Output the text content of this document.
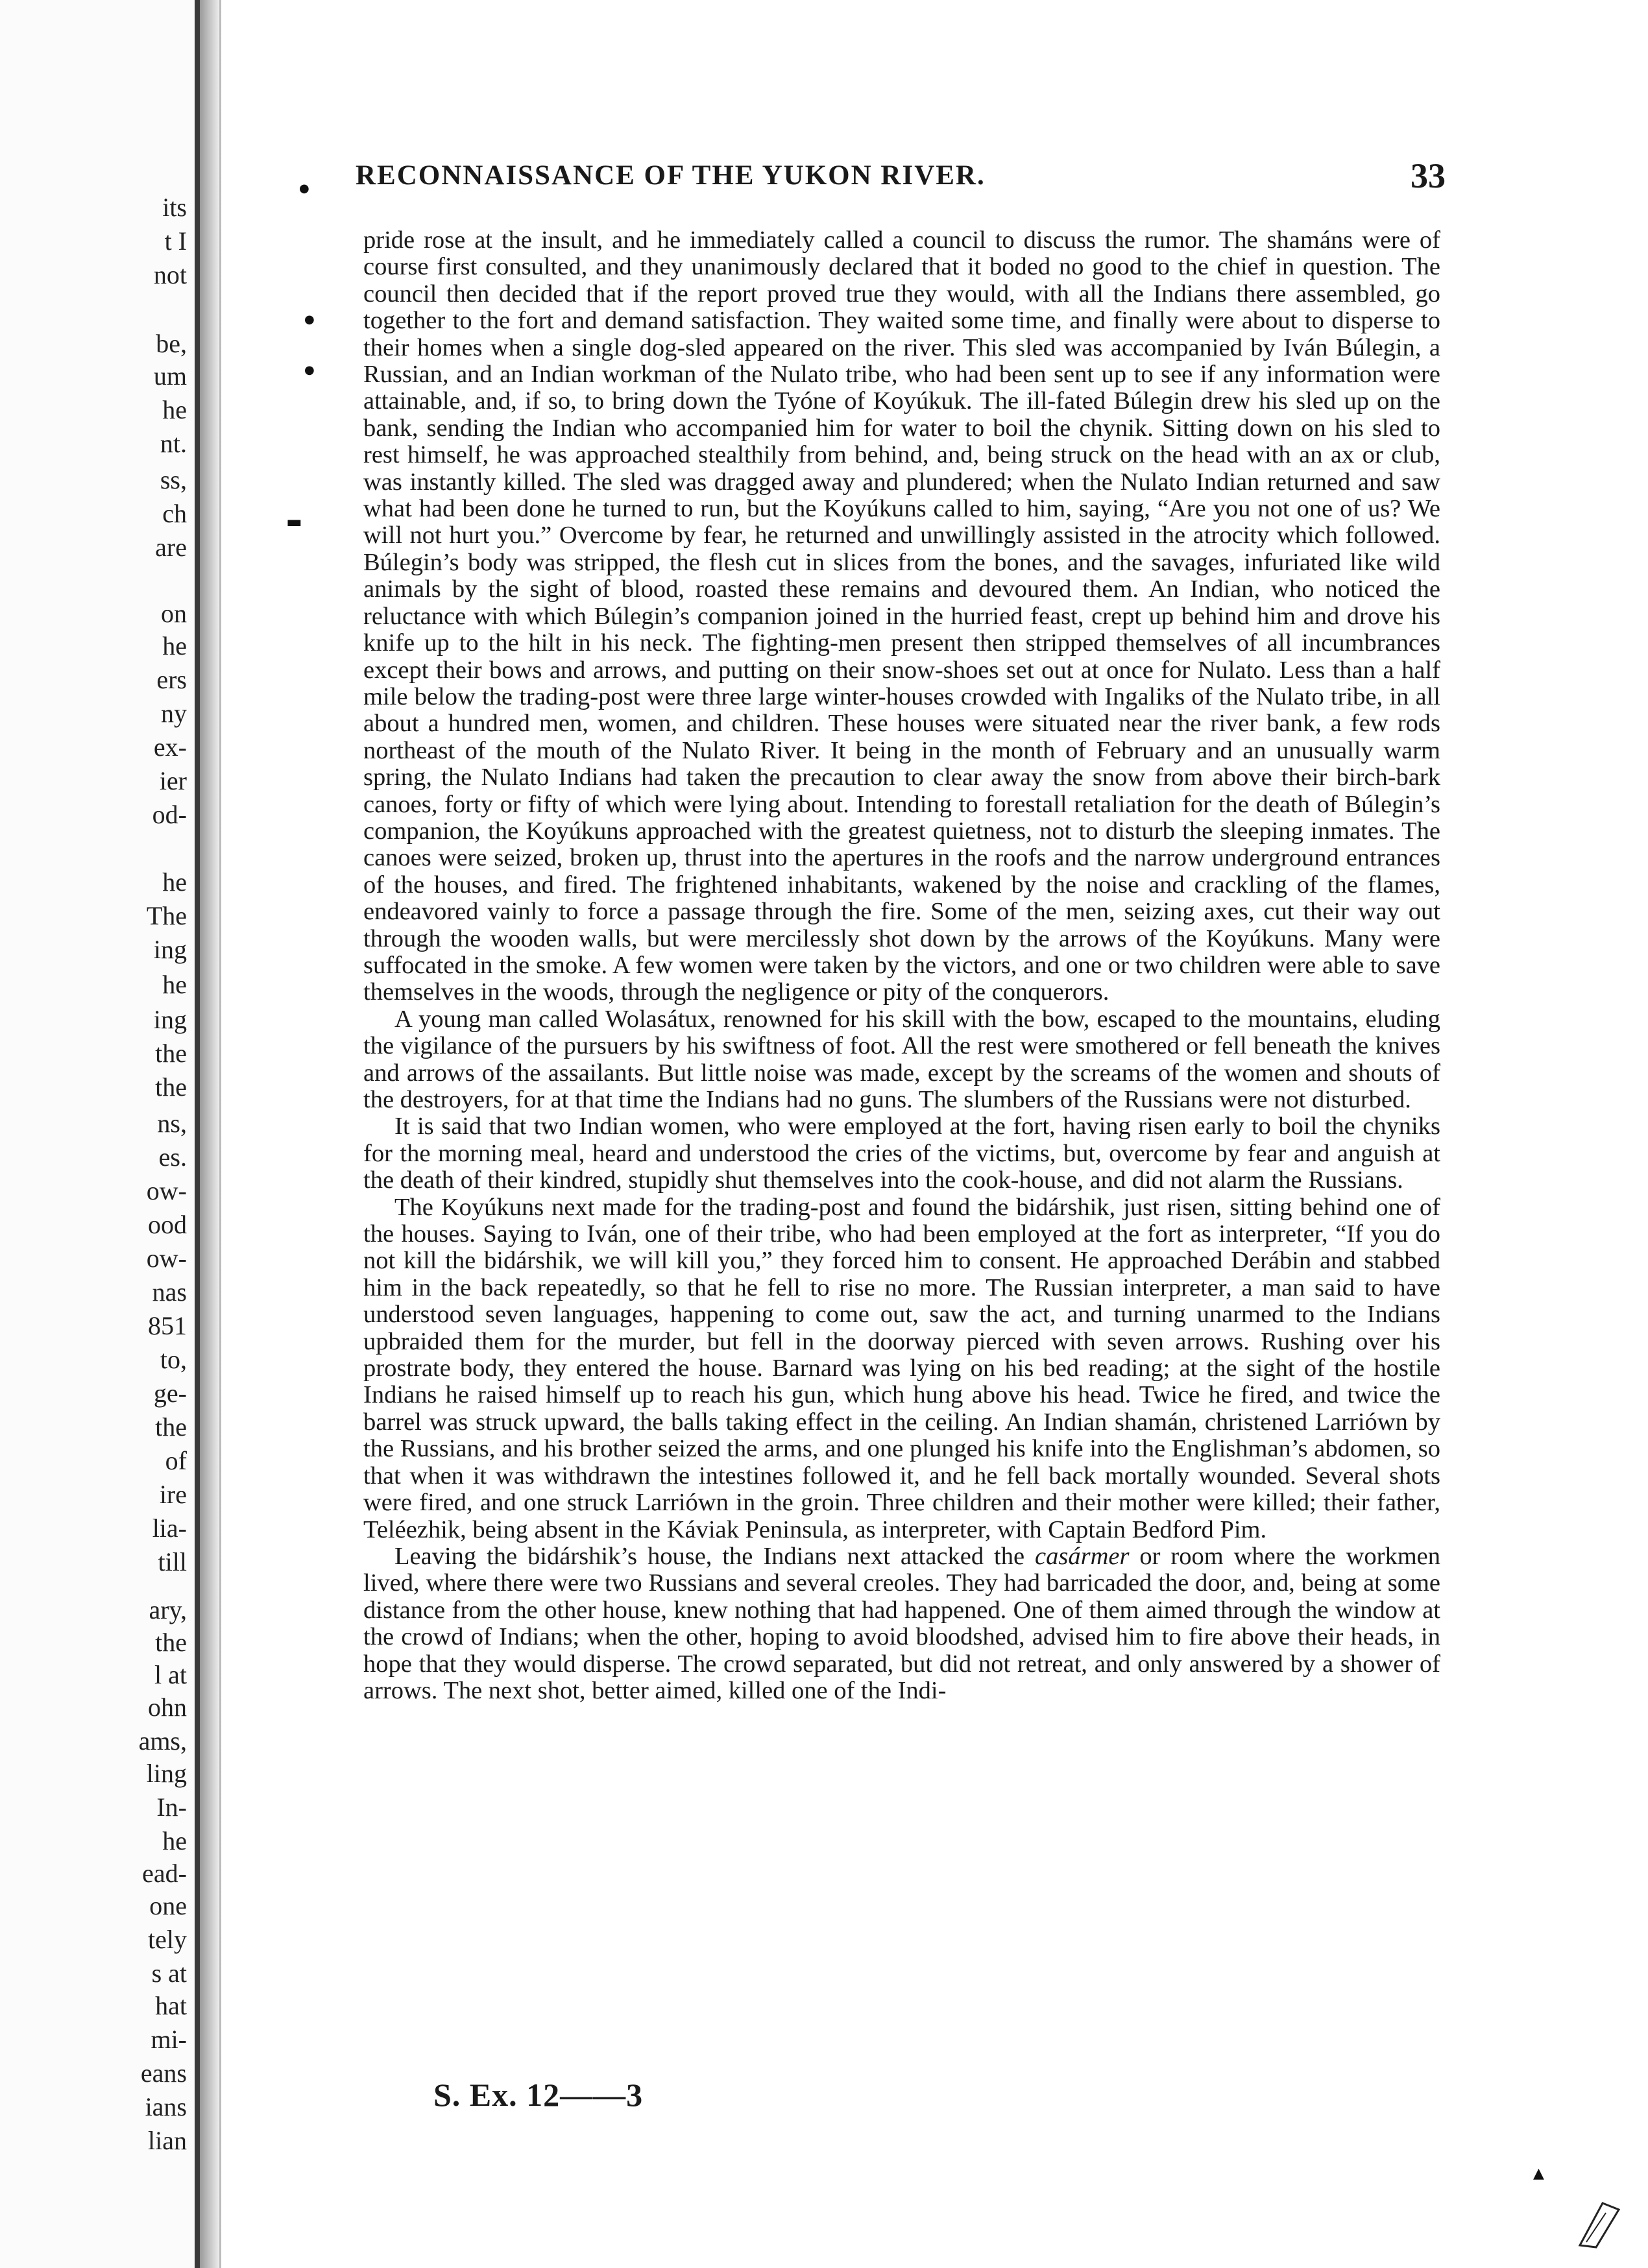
its
t I
not
be,
um
he
nt.
ss,
ch
are
on
he
ers
ny
ex-
ier
od-
he
The
ing
he
ing
the
the
ns,
es.
ow-
ood
ow-
nas
851
to,
ge-
the
of
ire
lia-
till
ary,
the
l at
ohn
ams,
ling
In-
he
ead-
one
tely
s at
hat
mi-
eans
ians
lian
●
●
●
▬
▲
RECONNAISSANCE OF THE YUKON RIVER.	33

pride rose at the insult, and he immediately called a council to discuss the rumor. The shamáns were of course first consulted, and they unanimously declared that it boded no good to the chief in question. The council then decided that if the report proved true they would, with all the Indians there assembled, go together to the fort and demand satisfaction. They waited some time, and finally were about to disperse to their homes when a single dog-sled appeared on the river. This sled was accompanied by Iván Búlegin, a Russian, and an Indian workman of the Nulato tribe, who had been sent up to see if any information were attainable, and, if so, to bring down the Tyóne of Koyúkuk. The ill-fated Búlegin drew his sled up on the bank, sending the Indian who accompanied him for water to boil the chynik. Sitting down on his sled to rest himself, he was approached stealthily from behind, and, being struck on the head with an ax or club, was instantly killed. The sled was dragged away and plundered; when the Nulato Indian returned and saw what had been done he turned to run, but the Koyúkuns called to him, saying, “Are you not one of us? We will not hurt you.” Overcome by fear, he returned and unwillingly assisted in the atrocity which followed. Búlegin’s body was stripped, the flesh cut in slices from the bones, and the savages, infuriated like wild animals by the sight of blood, roasted these remains and devoured them. An Indian, who noticed the reluctance with which Búlegin’s companion joined in the hurried feast, crept up behind him and drove his knife up to the hilt in his neck. The fighting-men present then stripped themselves of all incumbrances except their bows and arrows, and putting on their snow-shoes set out at once for Nulato. Less than a half mile below the trading-post were three large winter-houses crowded with Ingaliks of the Nulato tribe, in all about a hundred men, women, and children. These houses were situated near the river bank, a few rods northeast of the mouth of the Nulato River. It being in the month of February and an unusually warm spring, the Nulato Indians had taken the precaution to clear away the snow from above their birch-bark canoes, forty or fifty of which were lying about. Intending to forestall retaliation for the death of Búlegin’s companion, the Koyúkuns approached with the greatest quietness, not to disturb the sleeping inmates. The canoes were seized, broken up, thrust into the apertures in the roofs and the narrow underground entrances of the houses, and fired. The frightened inhabitants, wakened by the noise and crackling of the flames, endeavored vainly to force a passage through the fire. Some of the men, seizing axes, cut their way out through the wooden walls, but were mercilessly shot down by the arrows of the Koyúkuns. Many were suffocated in the smoke. A few women were taken by the victors, and one or two children were able to save themselves in the woods, through the negligence or pity of the conquerors.

A young man called Wolasátux, renowned for his skill with the bow, escaped to the mountains, eluding the vigilance of the pursuers by his swiftness of foot. All the rest were smothered or fell beneath the knives and arrows of the assailants. But little noise was made, except by the screams of the women and shouts of the destroyers, for at that time the Indians had no guns. The slumbers of the Russians were not disturbed.

It is said that two Indian women, who were employed at the fort, having risen early to boil the chyniks for the morning meal, heard and understood the cries of the victims, but, overcome by fear and anguish at the death of their kindred, stupidly shut themselves into the cook-house, and did not alarm the Russians.

The Koyúkuns next made for the trading-post and found the bidárshik, just risen, sitting behind one of the houses. Saying to Iván, one of their tribe, who had been employed at the fort as interpreter, “If you do not kill the bidárshik, we will kill you,” they forced him to consent. He approached Derábin and stabbed him in the back repeatedly, so that he fell to rise no more. The Russian interpreter, a man said to have understood seven languages, happening to come out, saw the act, and turning unarmed to the Indians upbraided them for the murder, but fell in the doorway pierced with seven arrows. Rushing over his prostrate body, they entered the house. Barnard was lying on his bed reading; at the sight of the hostile Indians he raised himself up to reach his gun, which hung above his head. Twice he fired, and twice the barrel was struck upward, the balls taking effect in the ceiling. An Indian shamán, christened Larriówn by the Russians, and his brother seized the arms, and one plunged his knife into the Englishman’s abdomen, so that when it was withdrawn the intestines followed it, and he fell back mortally wounded. Several shots were fired, and one struck Larriówn in the groin. Three children and their mother were killed; their father, Teléezhik, being absent in the Káviak Peninsula, as interpreter, with Captain Bedford Pim.

Leaving the bidárshik’s house, the Indians next attacked the casármer or room where the workmen lived, where there were two Russians and several creoles. They had barricaded the door, and, being at some distance from the other house, knew nothing that had happened. One of them aimed through the window at the crowd of Indians; when the other, hoping to avoid bloodshed, advised him to fire above their heads, in hope that they would disperse. The crowd separated, but did not retreat, and only answered by a shower of arrows. The next shot, better aimed, killed one of the Indi-

S. Ex. 12——3
